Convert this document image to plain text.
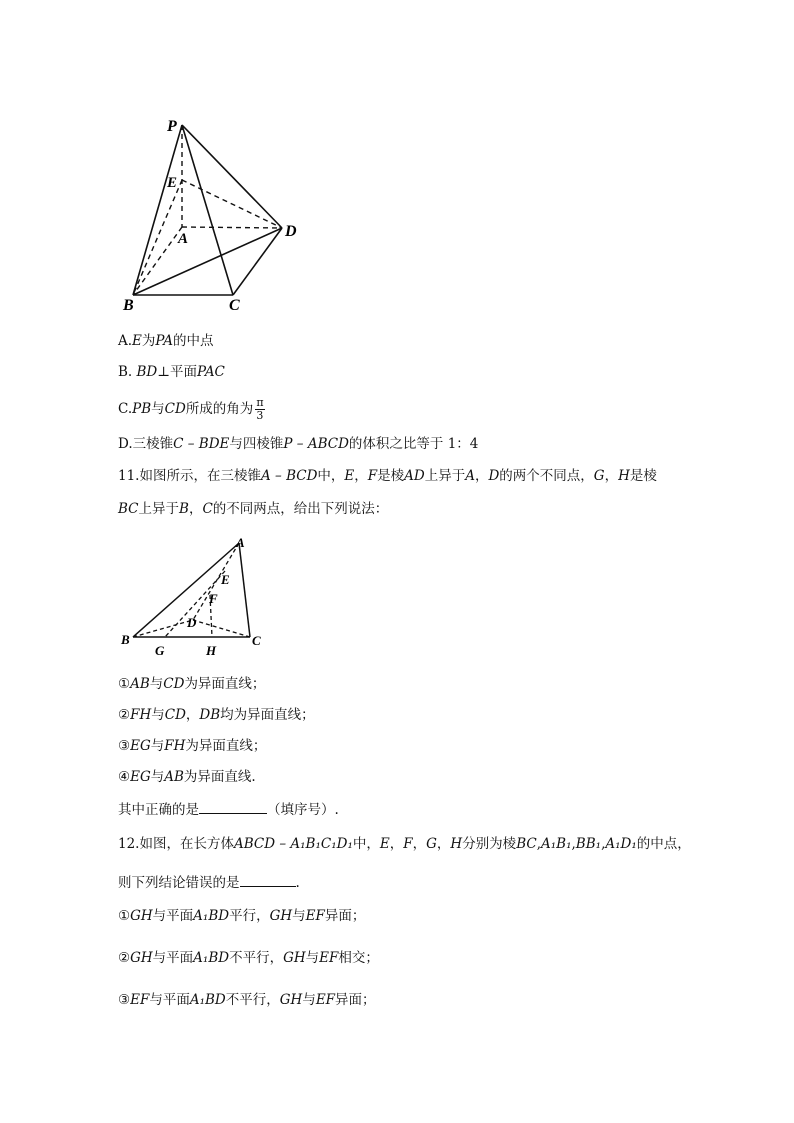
P
E
A	D
B	C
A.E为PA的中点
B. BD⊥平面PAC
C.PB与CD所成的角为 $\frac{\pi}{3}$
D.三棱锥C – BDE与四棱锥P – ABCD的体积之比等于 1：4
11.如图所示，在三棱锥A – BCD中，E，F是棱AD上异于A，D的两个不同点，G，H是棱
BC上异于B，C的不同两点，给出下列说法：
A
E
F
D
B	C
G	H
①AB与CD为异面直线；
②FH与CD，DB均为异面直线；
③EG与FH为异面直线；
④EG与AB为异面直线.
其中正确的是	（填序号）.
12.如图，在长方体ABCD – A₁B₁C₁D₁中，E，F，G，H分别为棱BC,A₁B₁,BB₁,A₁D₁的中点，
则下列结论错误的是	.
①GH与平面A₁BD平行，GH与EF异面；
②GH与平面A₁BD不平行，GH与EF相交；
③EF与平面A₁BD不平行，GH与EF异面；
